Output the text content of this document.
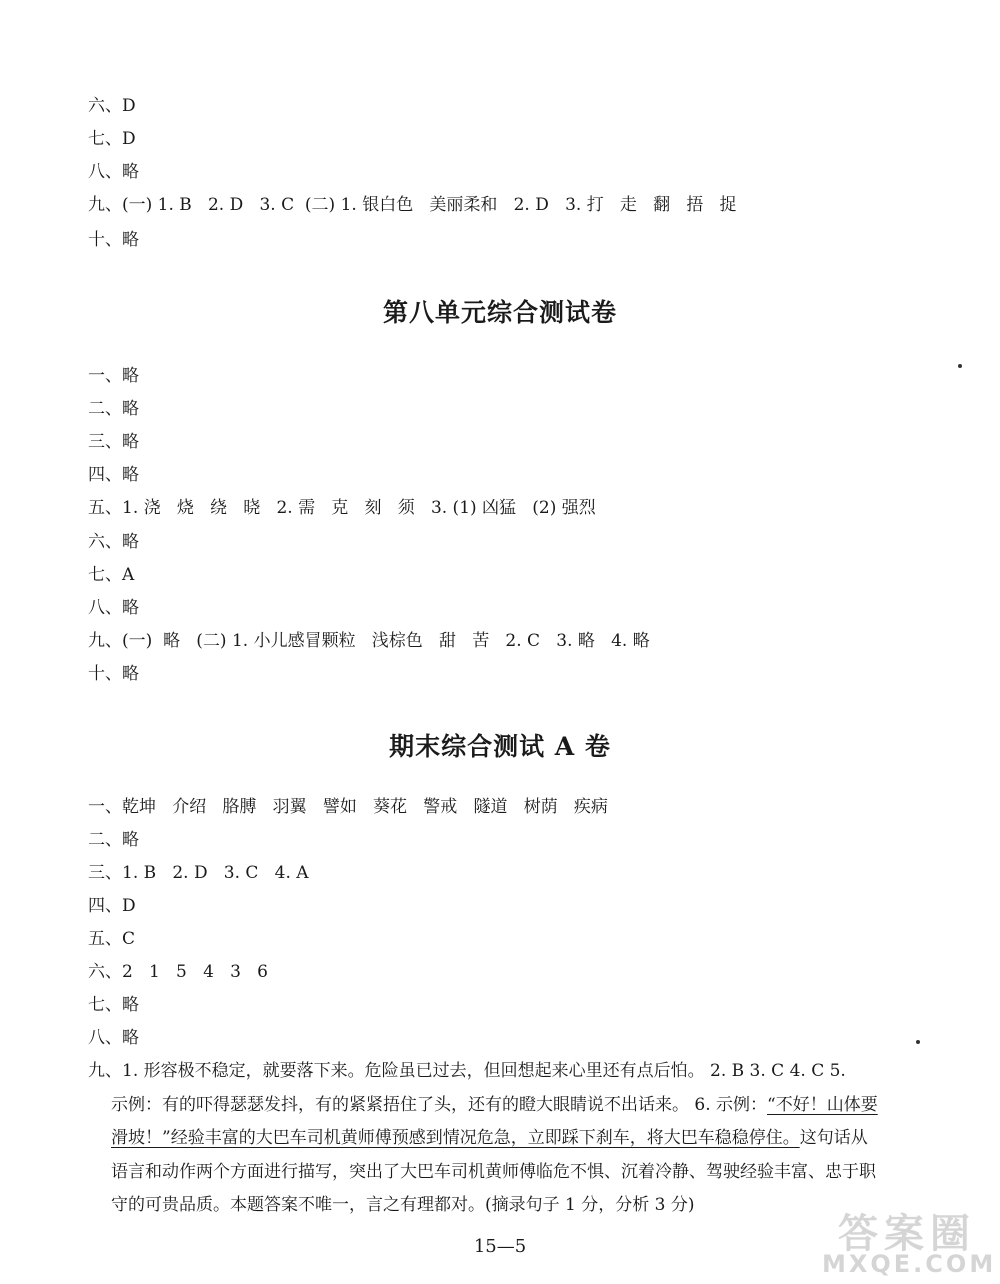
六、D
七、D
八、略
九、(一) 1. B   2. D   3. C  (二) 1. 银白色   美丽柔和   2. D   3. 打   走   翻   捂   捉
十、略
第八单元综合测试卷
一、略
二、略
三、略
四、略
五、1. 浇   烧   绕   晓   2. 需   克   刻   须   3. (1) 凶猛   (2) 强烈
六、略
七、A
八、略
九、(一)  略   (二) 1. 小儿感冒颗粒   浅棕色   甜   苦   2. C   3. 略   4. 略
十、略
期末综合测试 A 卷
一、乾坤   介绍   胳膊   羽翼   譬如   葵花   警戒   隧道   树荫   疾病
二、略
三、1. B   2. D   3. C   4. A
四、D
五、C
六、2   1   5   4   3   6
七、略
八、略
九、1. 形容极不稳定，就要落下来。危险虽已过去，但回想起来心里还有点后怕。 2. B 3. C 4. C 5.
示例：有的吓得瑟瑟发抖，有的紧紧捂住了头，还有的瞪大眼睛说不出话来。 6. 示例：“不好！山体要滑坡！”经验丰富的大巴车司机黄师傅预感到情况危急，立即踩下刹车，将大巴车稳稳停住。这句话从语言和动作两个方面进行描写，突出了大巴车司机黄师傅临危不惧、沉着冷静、驾驶经验丰富、忠于职守的可贵品质。本题答案不唯一，言之有理都对。(摘录句子 1 分，分析 3 分)
15—5	答案圈
MXQE.COM
